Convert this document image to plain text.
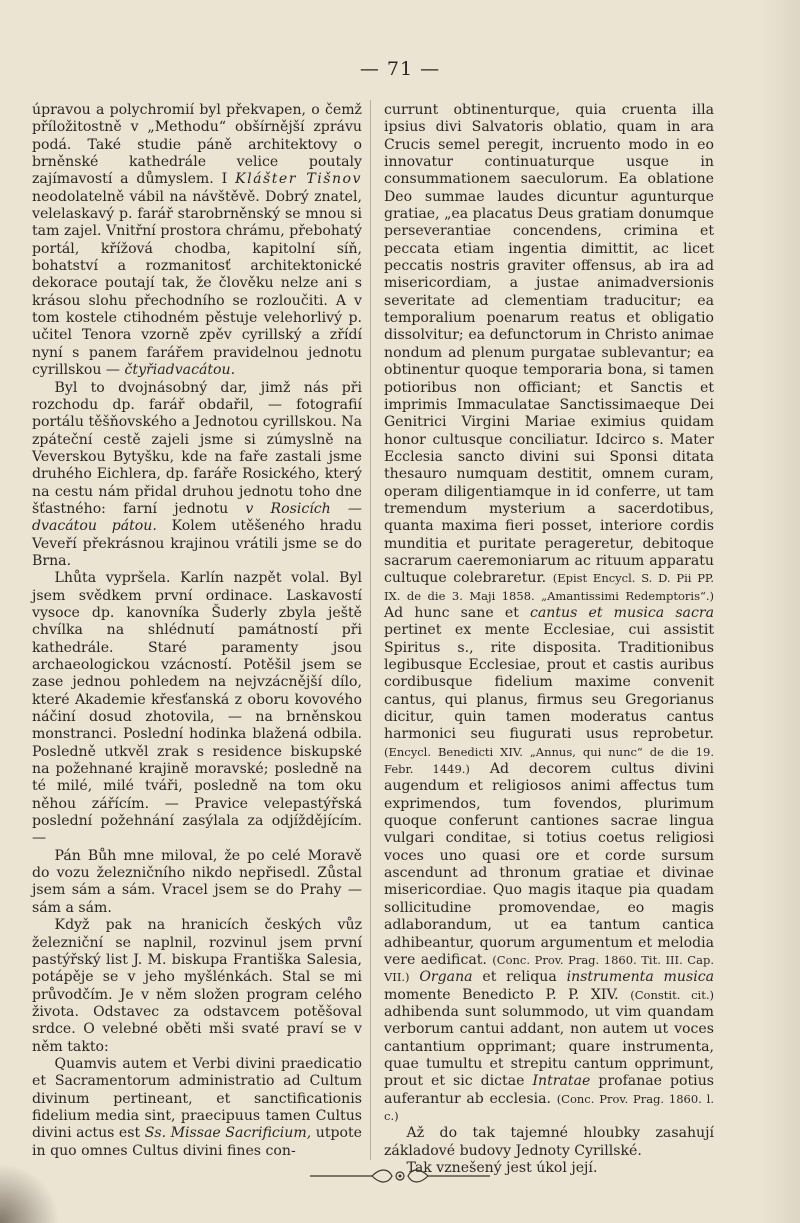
— 71 —

úpravou a polychromií byl překvapen, o čemž příložitostně v „Methodu“ obšírnější zprávu podá. Také studie páně architektovy o brněnské kathedrále velice poutaly zajímavostí a důmyslem. I Klášter Tišnov neodolatelně vábil na návštěvě. Dobrý znatel, velelaskavý p. farář starobrněnský se mnou si tam zajel. Vnitřní prostora chrámu, přebohatý portál, křížová chodba, kapitolní síň, bohatství a rozmanitosť architektonické dekorace poutají tak, že člověku nelze ani s krásou slohu přechodního se rozloučiti. A v tom kostele ctihodném pěstuje velehorlivý p. učitel Tenora vzorně zpěv cyrillský a zřídí nyní s panem farářem pravidelnou jednotu cyrillskou — čtyřiadvacátou.

Byl to dvojnásobný dar, jimž nás při rozchodu dp. farář obdařil, — fotografií portálu těšňovského a Jednotou cyrillskou. Na zpáteční cestě zajeli jsme si zúmyslně na Veverskou Bytyšku, kde na faře zastali jsme druhého Eichlera, dp. faráře Rosického, který na cestu nám přidal druhou jednotu toho dne šťastného: farní jednotu v Rosicích — dvacátou pátou. Kolem utěšeného hradu Veveří překrásnou krajinou vrátili jsme se do Brna.

Lhůta vypršela. Karlín nazpět volal. Byl jsem svědkem první ordinace. Laskavostí vysoce dp. kanovníka Šuderly zbyla ještě chvílka na shlédnutí památností při kathedrále. Staré paramenty jsou archaeologickou vzácností. Potěšil jsem se zase jednou pohledem na nejvzácnější dílo, které Akademie křesťanská z oboru kovového náčiní dosud zhotovila, — na brněnskou monstranci. Poslední hodinka blažená odbila. Posledně utkvěl zrak s residence biskupské na požehnané krajině moravské; posledně na té milé, milé tváři, posledně na tom oku něhou zářícím. — Pravice velepastýřská poslední požehnání zasýlala za odjíždějícím. —

Pán Bůh mne miloval, že po celé Moravě do vozu železničního nikdo nepřisedl. Zůstal jsem sám a sám. Vracel jsem se do Prahy — sám a sám.

Když pak na hranicích českých vůz železniční se naplnil, rozvinul jsem první pastýřský list J. M. biskupa Františka Salesia, potápěje se v jeho myšlénkách. Stal se mi průvodčím. Je v něm složen program celého života. Odstavec za odstavcem potěšoval srdce. O velebné oběti mši svaté praví se v něm takto:

Quamvis autem et Verbi divini praedicatio et Sacramentorum administratio ad Cultum divinum pertineant, et sanctificationis fidelium media sint, praecipuus tamen Cultus divini actus est Ss. Missae Sacrificium, utpote in quo omnes Cultus divini fines con-

currunt obtinenturque, quia cruenta illa ipsius divi Salvatoris oblatio, quam in ara Crucis semel peregit, incruento modo in eo innovatur continuaturque usque in consummationem saeculorum. Ea oblatione Deo summae laudes dicuntur agunturque gratiae, „ea placatus Deus gratiam donumque perseverantiae concendens, crimina et peccata etiam ingentia dimittit, ac licet peccatis nostris graviter offensus, ab ira ad misericordiam, a justae animadversionis severitate ad clementiam traducitur; ea temporalium poenarum reatus et obligatio dissolvitur; ea defunctorum in Christo animae nondum ad plenum purgatae sublevantur; ea obtinentur quoque temporaria bona, si tamen potioribus non officiant; et Sanctis et imprimis Immaculatae Sanctissimaeque Dei Genitrici Virgini Mariae eximius quidam honor cultusque conciliatur. Idcirco s. Mater Ecclesia sancto divini sui Sponsi ditata thesauro numquam destitit, omnem curam, operam diligentiamque in id conferre, ut tam tremendum mysterium a sacerdotibus, quanta maxima fieri posset, interiore cordis munditia et puritate perageretur, debitoque sacrarum caeremoniarum ac rituum apparatu cultuque colebraretur. (Epist Encycl. S. D. Pii PP. IX. de die 3. Maji 1858. „Amantissimi Redemptoris“.) Ad hunc sane et cantus et musica sacra pertinet ex mente Ecclesiae, cui assistit Spiritus s., rite disposita. Traditionibus legibusque Ecclesiae, prout et castis auribus cordibusque fidelium maxime convenit cantus, qui planus, firmus seu Gregorianus dicitur, quin tamen moderatus cantus harmonici seu fiugurati usus reprobetur. (Encycl. Benedicti XIV. „Annus, qui nunc“ de die 19. Febr. 1449.) Ad decorem cultus divini augendum et religiosos animi affectus tum exprimendos, tum fovendos, plurimum quoque conferunt cantiones sacrae lingua vulgari conditae, si totius coetus religiosi voces uno quasi ore et corde sursum ascendunt ad thronum gratiae et divinae misericordiae. Quo magis itaque pia quadam sollicitudine promovendae, eo magis adlaborandum, ut ea tantum cantica adhibeantur, quorum argumentum et melodia vere aedificat. (Conc. Prov. Prag. 1860. Tit. III. Cap. VII.) Organa et reliqua instrumenta musica momente Benedicto P. P. XIV. (Constit. cit.) adhibenda sunt solummodo, ut vim quandam verborum cantui addant, non autem ut voces cantantium opprimant; quare instrumenta, quae tumultu et strepitu cantum opprimunt, prout et sic dictae Intratae profanae potius auferantur ab ecclesia. (Conc. Prov. Prag. 1860. l. c.)

Až do tak tajemné hloubky zasahují základové budovy Jednoty Cyrillské.

Tak vznešený jest úkol její.
